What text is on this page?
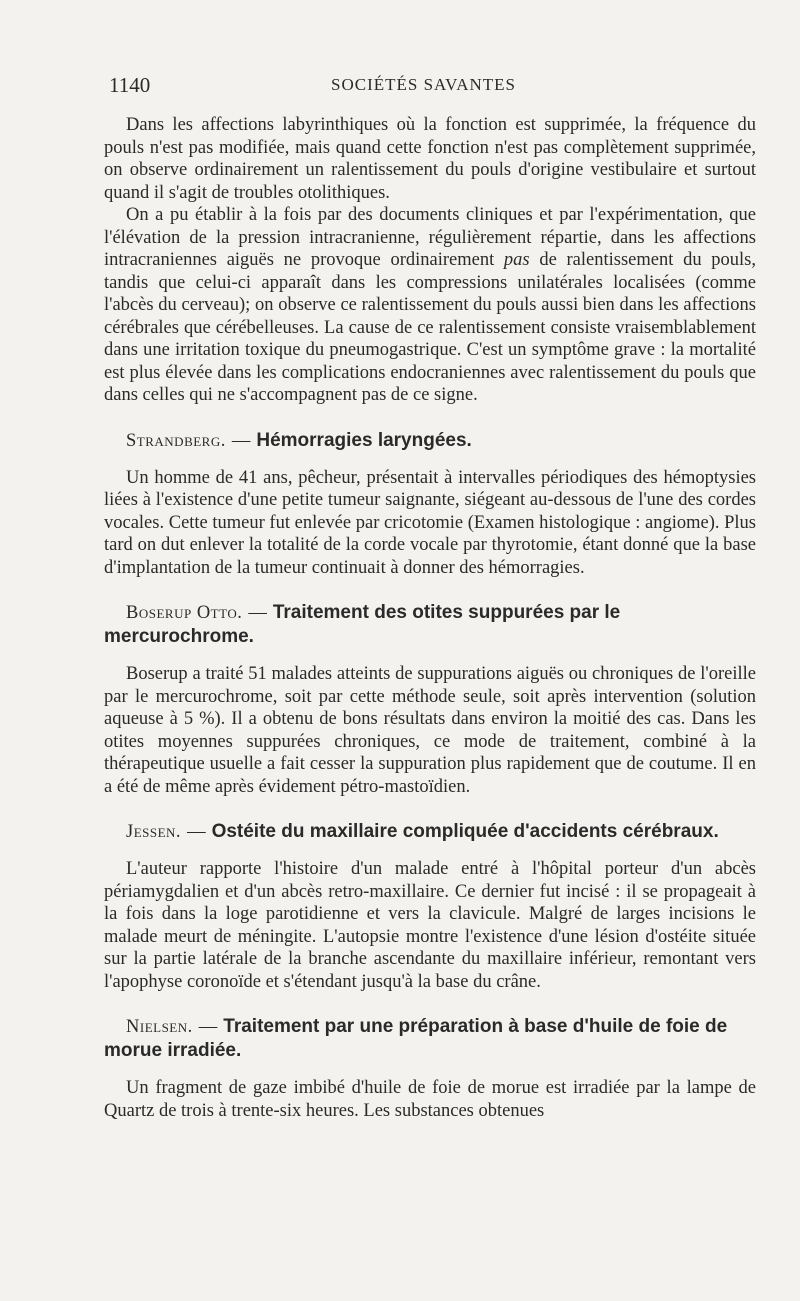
1140	SOCIÉTÉS SAVANTES

Dans les affections labyrinthiques où la fonction est supprimée, la fréquence du pouls n'est pas modifiée, mais quand cette fonction n'est pas complètement supprimée, on observe ordinairement un ralentissement du pouls d'origine vestibulaire et surtout quand il s'agit de troubles otolithiques.

On a pu établir à la fois par des documents cliniques et par l'expérimentation, que l'élévation de la pression intracranienne, régulièrement répartie, dans les affections intracraniennes aiguës ne provoque ordinairement pas de ralentissement du pouls, tandis que celui-ci apparaît dans les compressions unilatérales localisées (comme l'abcès du cerveau); on observe ce ralentissement du pouls aussi bien dans les affections cérébrales que cérébelleuses. La cause de ce ralentissement consiste vraisemblablement dans une irritation toxique du pneumogastrique. C'est un symptôme grave : la mortalité est plus élevée dans les complications endocraniennes avec ralentissement du pouls que dans celles qui ne s'accompagnent pas de ce signe.

Strandberg. — Hémorragies laryngées.

Un homme de 41 ans, pêcheur, présentait à intervalles périodiques des hémoptysies liées à l'existence d'une petite tumeur saignante, siégeant au-dessous de l'une des cordes vocales. Cette tumeur fut enlevée par cricotomie (Examen histologique : angiome). Plus tard on dut enlever la totalité de la corde vocale par thyrotomie, étant donné que la base d'implantation de la tumeur continuait à donner des hémorragies.

Boserup Otto. — Traitement des otites suppurées par le mercurochrome.

Boserup a traité 51 malades atteints de suppurations aiguës ou chroniques de l'oreille par le mercurochrome, soit par cette méthode seule, soit après intervention (solution aqueuse à 5 %). Il a obtenu de bons résultats dans environ la moitié des cas. Dans les otites moyennes suppurées chroniques, ce mode de traitement, combiné à la thérapeutique usuelle a fait cesser la suppuration plus rapidement que de coutume. Il en a été de même après évidement pétro-mastoïdien.

Jessen. — Ostéite du maxillaire compliquée d'accidents cérébraux.

L'auteur rapporte l'histoire d'un malade entré à l'hôpital porteur d'un abcès périamygdalien et d'un abcès retro-maxillaire. Ce dernier fut incisé : il se propageait à la fois dans la loge parotidienne et vers la clavicule. Malgré de larges incisions le malade meurt de méningite. L'autopsie montre l'existence d'une lésion d'ostéite située sur la partie latérale de la branche ascendante du maxillaire inférieur, remontant vers l'apophyse coronoïde et s'étendant jusqu'à la base du crâne.

Nielsen. — Traitement par une préparation à base d'huile de foie de morue irradiée.

Un fragment de gaze imbibé d'huile de foie de morue est irradiée par la lampe de Quartz de trois à trente-six heures. Les substances obtenues
